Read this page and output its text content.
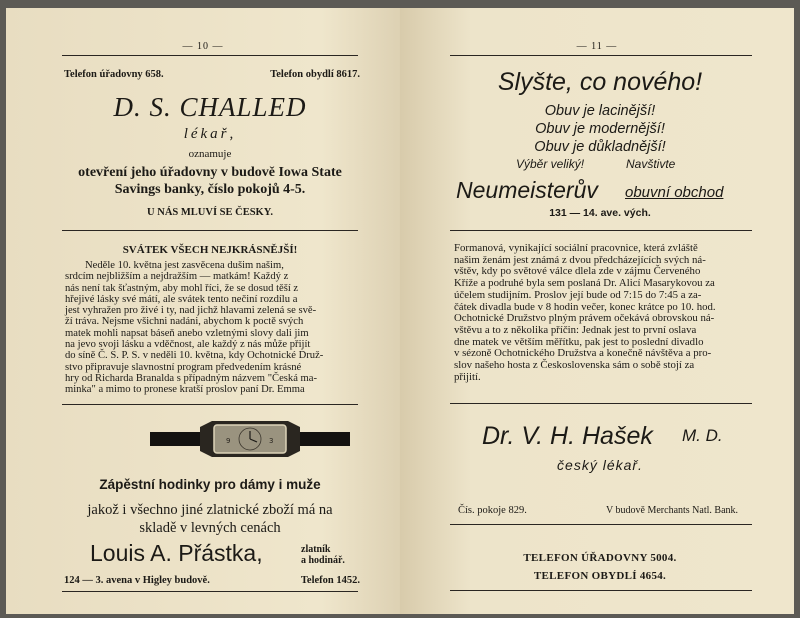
— 10 —
Telefon úřadovny 658.	Telefon obydlí 8617.
D. S. CHALLED
lékař,
oznamuje
otevření jeho úřadovny v budově Iowa State
Savings banky, číslo pokojů 4-5.
U NÁS MLUVÍ SE ČESKY.
SVÁTEK VŠECH NEJKRÁSNĚJŠÍ!
Neděle 10. května jest zasvěcena dušim našim,
srdcím nejbližším a nejdražším — matkám! Každý z
nás není tak šťastným, aby mohl říci, že se dosud těší z
hřejivé lásky své mátí, ale svátek tento nečiní rozdílu a
jest vyhražen pro živé i ty, nad jichž hlavami zelená se svě-
ží tráva. Nejsme všichni nadáni, abychom k poctě svých
matek mohli napsat báseň anebo vzletnými slovy dali jim
na jevo svoji lásku a vděčnost, ale každý z nás může přijít
do síně Č. S. P. S. v neděli 10. května, kdy Ochotnické Druž-
stvo připravuje slavnostní program předvedením krásné
hry od Richarda Branalda s případným názvem "Česká ma-
minka" a mimo to pronese kratší proslov paní Dr. Emma
9	3
Zápěstní hodinky pro dámy i muže
jakož i všechno jiné zlatnické zboží má na
skladě v levných cenách
Louis A. Přástka,	zlatník
a hodinář.
124 — 3. avena v Higley budově.	Telefon 1452.
— 11 —
Slyšte, co nového!
Obuv je lacinější!
Obuv je modernější!
Obuv je důkladnější!
Výběr veliký!	Navštivte
Neumeisterův obuvní obchod
131 — 14. ave. vých.
Formanová, vynikající sociální pracovnice, která zvláště
našim ženám jest známá z dvou předcházejících svých ná-
vštěv, kdy po světové válce dlela zde v zájmu Červeného
Kříže a podruhé byla sem poslaná Dr. Alicí Masarykovou za
účelem studijním. Proslov její bude od 7:15 do 7:45 a za-
čátek divadla bude v 8 hodin večer, konec krátce po 10. hod.
Ochotnické Družstvo plným právem očekává obrovskou ná-
vštěvu a to z několika příčin: Jednak jest to první oslava
dne matek ve větším měřítku, pak jest to poslední divadlo
v sézoně Ochotnického Družstva a konečně návštěva a pro-
slov našeho hosta z Československa sám o sobě stojí za
přijití.
Dr. V. H. Hašek M. D.
český lékař.
Čís. pokoje 829.	V budově Merchants Natl. Bank.
TELEFON ÚŘADOVNY 5004.
TELEFON OBYDLÍ 4654.
